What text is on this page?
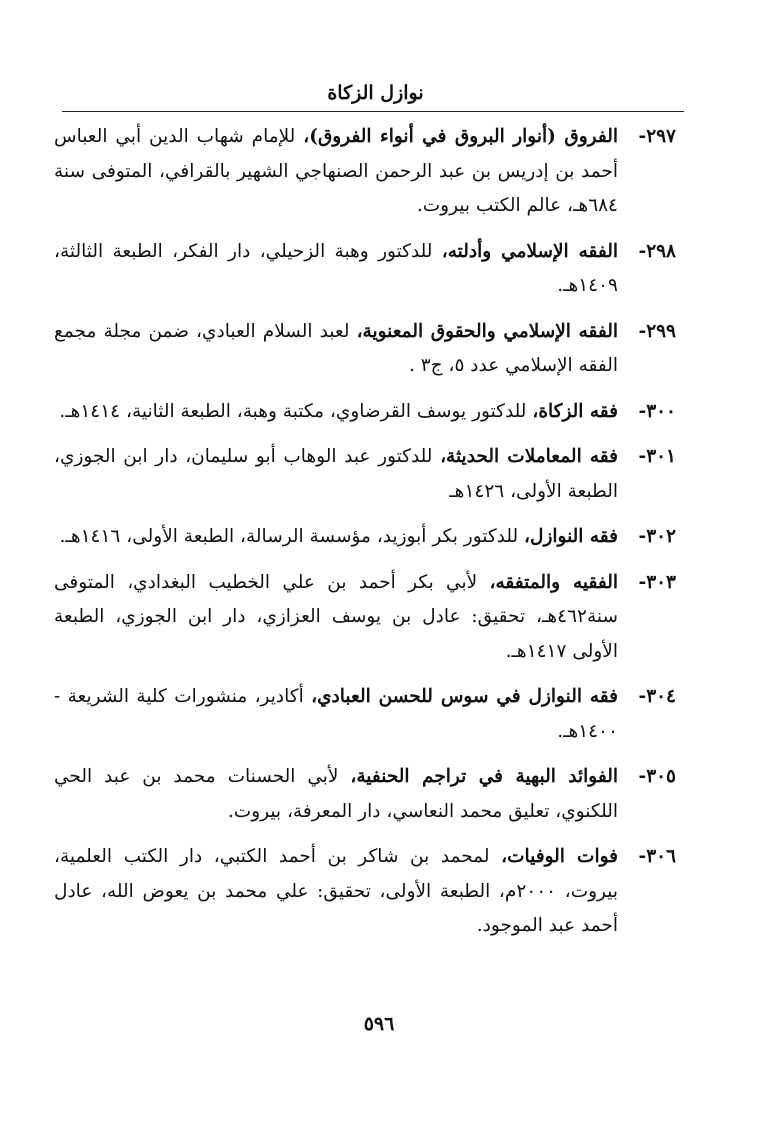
نوازل الزكاة
٢٩٧-
الفروق (أنوار البروق في أنواء الفروق)، للإمام شهاب الدين أبي العباس أحمد بن إدريس بن عبد الرحمن الصنهاجي الشهير بالقرافي، المتوفى سنة ٦٨٤هـ، عالم الكتب بيروت.
٢٩٨-
الفقه الإسلامي وأدلته، للدكتور وهبة الزحيلي، دار الفكر، الطبعة الثالثة، ١٤٠٩هـ.
٢٩٩-
الفقه الإسلامي والحقوق المعنوية، لعبد السلام العبادي، ضمن مجلة مجمع الفقه الإسلامي عدد ٥، ج٣ .
٣٠٠-
فقه الزكاة، للدكتور يوسف القرضاوي، مكتبة وهبة، الطبعة الثانية، ١٤١٤هـ.
٣٠١-
فقه المعاملات الحديثة، للدكتور عبد الوهاب أبو سليمان، دار ابن الجوزي، الطبعة الأولى، ١٤٢٦هـ
٣٠٢-
فقه النوازل، للدكتور بكر أبوزيد، مؤسسة الرسالة، الطبعة الأولى، ١٤١٦هـ.
٣٠٣-
الفقيه والمتفقه، لأبي بكر أحمد بن علي الخطيب البغدادي، المتوفى سنة٤٦٢هـ، تحقيق: عادل بن يوسف العزازي، دار ابن الجوزي، الطبعة الأولى ١٤١٧هـ.
٣٠٤-
فقه النوازل في سوس للحسن العبادي، أكادير، منشورات كلية الشريعة - ١٤٠٠هـ.
٣٠٥-
الفوائد البهية في تراجم الحنفية، لأبي الحسنات محمد بن عبد الحي اللكنوي، تعليق محمد النعاسي، دار المعرفة، بيروت.
٣٠٦-
فوات الوفيات، لمحمد بن شاكر بن أحمد الكتبي، دار الكتب العلمية، بيروت، ٢٠٠٠م، الطبعة الأولى، تحقيق: علي محمد بن يعوض الله، عادل أحمد عبد الموجود.
٥٩٦
